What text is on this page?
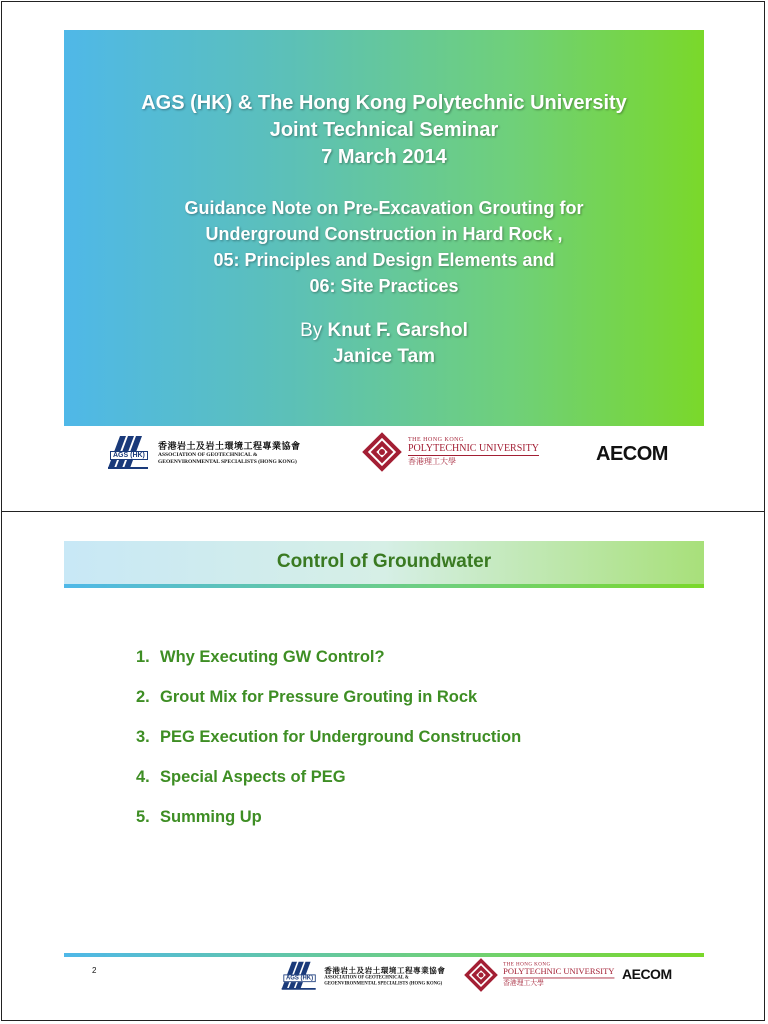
AGS (HK) & The Hong Kong Polytechnic University
Joint Technical Seminar
7 March 2014
Guidance Note on Pre-Excavation Grouting for
Underground Construction in Hard Rock ,
05: Principles and Design Elements and
06: Site Practices
By Knut F. Garshol
Janice Tam
AGS (HK)
香港岩土及岩土環境工程專業協會
ASSOCIATION OF GEOTECHNICAL &
GEOENVIRONMENTAL SPECIALISTS (HONG KONG)
THE HONG KONG
POLYTECHNIC UNIVERSITY
香港理工大學	AECOM
Control of Groundwater
1. Why Executing GW Control?
2. Grout Mix for Pressure Grouting in Rock
3. PEG Execution for Underground Construction
4. Special Aspects of PEG
5. Summing Up
2
AGS (HK)
香港岩土及岩土環境工程專業協會
ASSOCIATION OF GEOTECHNICAL &
GEOENVIRONMENTAL SPECIALISTS (HONG KONG)
THE HONG KONG
POLYTECHNIC UNIVERSITY
香港理工大學
AECOM
